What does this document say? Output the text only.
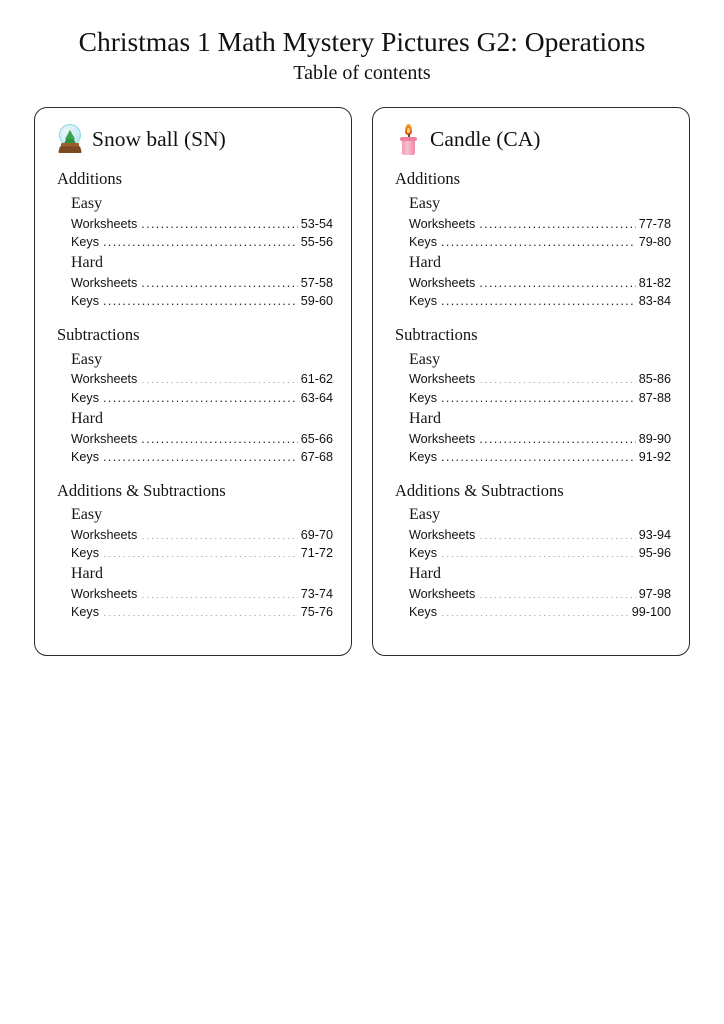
Christmas 1 Math Mystery Pictures G2: Operations
Table of contents
Snow ball (SN)
Additions
Easy
Worksheets .....	53-54
Keys .....	55-56
Hard
Worksheets .....	57-58
Keys .....	59-60
Subtractions
Easy
Worksheets .....	61-62
Keys .....	63-64
Hard
Worksheets .....	65-66
Keys .....	67-68
Additions & Subtractions
Easy
Worksheets .....	69-70
Keys .....	71-72
Hard
Worksheets .....	73-74
Keys .....	75-76
Candle (CA)
Additions
Easy
Worksheets .....	77-78
Keys .....	79-80
Hard
Worksheets .....	81-82
Keys .....	83-84
Subtractions
Easy
Worksheets .....	85-86
Keys .....	87-88
Hard
Worksheets .....	89-90
Keys .....	91-92
Additions & Subtractions
Easy
Worksheets .....	93-94
Keys .....	95-96
Hard
Worksheets .....	97-98
Keys .....	99-100
